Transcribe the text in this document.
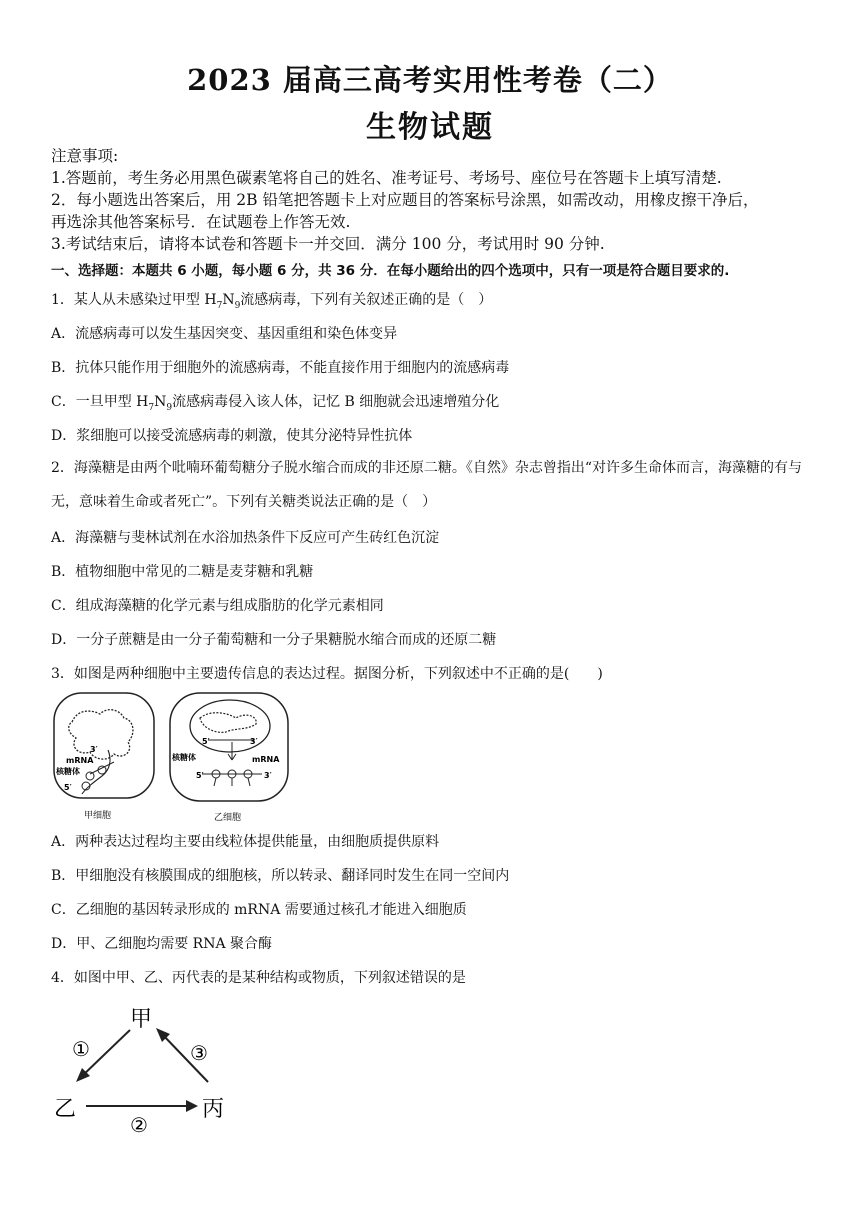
2023 届高三高考实用性考卷（二）
生物试题
注意事项:
1.答题前，考生务必用黑色碳素笔将自己的姓名、准考证号、考场号、座位号在答题卡上填写清楚.
2．每小题选出答案后，用 2B 铅笔把答题卡上对应题目的答案标号涂黑，如需改动，用橡皮擦干净后，
再选涂其他答案标号．在试题卷上作答无效.
3.考试结束后，请将本试卷和答题卡一并交回．满分 100 分，考试用时 90 分钟.
一、选择题：本题共 6 小题，每小题 6 分，共 36 分．在每小题给出的四个选项中，只有一项是符合题目要求的.
1．某人从未感染过甲型 $H_7N_9$流感病毒，下列有关叙述正确的是（　）
A．流感病毒可以发生基因突变、基因重组和染色体变异
B．抗体只能作用于细胞外的流感病毒，不能直接作用于细胞内的流感病毒
C．一旦甲型 $H_7N_9$流感病毒侵入该人体，记忆 B 细胞就会迅速增殖分化
D．浆细胞可以接受流感病毒的刺激，使其分泌特异性抗体
2．海藻糖是由两个吡喃环葡萄糖分子脱水缩合而成的非还原二糖。《自然》杂志曾指出“对许多生命体而言，海藻糖的有与无，意味着生命或者死亡”。下列有关糖类说法正确的是（　）
A．海藻糖与斐林试剂在水浴加热条件下反应可产生砖红色沉淀
B．植物细胞中常见的二糖是麦芽糖和乳糖
C．组成海藻糖的化学元素与组成脂肪的化学元素相同
D．一分子蔗糖是由一分子葡萄糖和一分子果糖脱水缩合而成的还原二糖
3．如图是两种细胞中主要遗传信息的表达过程。据图分析，下列叙述中不正确的是(　　)
3′
mRNA
核糖体
5′
甲细胞
5′	3′
核糖体	mRNA
5′	3′
乙细胞
A．两种表达过程均主要由线粒体提供能量，由细胞质提供原料
B．甲细胞没有核膜围成的细胞核，所以转录、翻译同时发生在同一空间内
C．乙细胞的基因转录形成的 mRNA 需要通过核孔才能进入细胞质
D．甲、乙细胞均需要 RNA 聚合酶
4．如图中甲、乙、丙代表的是某种结构或物质，下列叙述错误的是
甲
乙	丙
①
②
③
